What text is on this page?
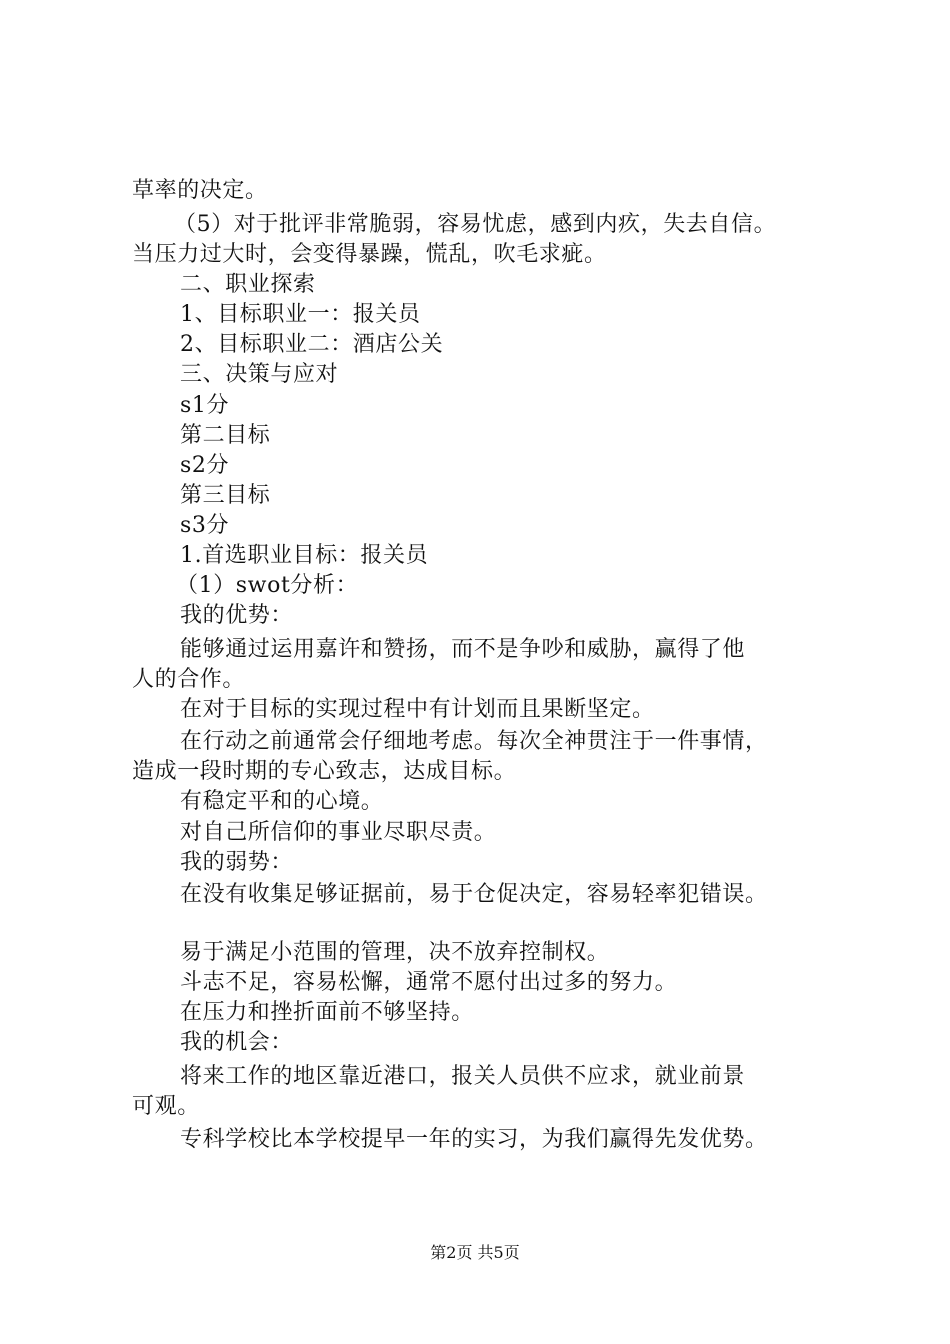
草率的决定。
（5）对于批评非常脆弱，容易忧虑，感到内疚，失去自信。
当压力过大时，会变得暴躁，慌乱，吹毛求疵。
二、职业探索
1、目标职业一：报关员
2、目标职业二：酒店公关
三、决策与应对
s1分
第二目标
s2分
第三目标
s3分
1.首选职业目标：报关员
（1）swot分析：
我的优势：
能够通过运用嘉许和赞扬，而不是争吵和威胁，赢得了他
人的合作。
在对于目标的实现过程中有计划而且果断坚定。
在行动之前通常会仔细地考虑。每次全神贯注于一件事情，
造成一段时期的专心致志，达成目标。
有稳定平和的心境。
对自己所信仰的事业尽职尽责。
我的弱势：
在没有收集足够证据前，易于仓促决定，容易轻率犯错误。
易于满足小范围的管理，决不放弃控制权。
斗志不足，容易松懈，通常不愿付出过多的努力。
在压力和挫折面前不够坚持。
我的机会：
将来工作的地区靠近港口，报关人员供不应求，就业前景
可观。
专科学校比本学校提早一年的实习，为我们赢得先发优势。
第2页 共5页
